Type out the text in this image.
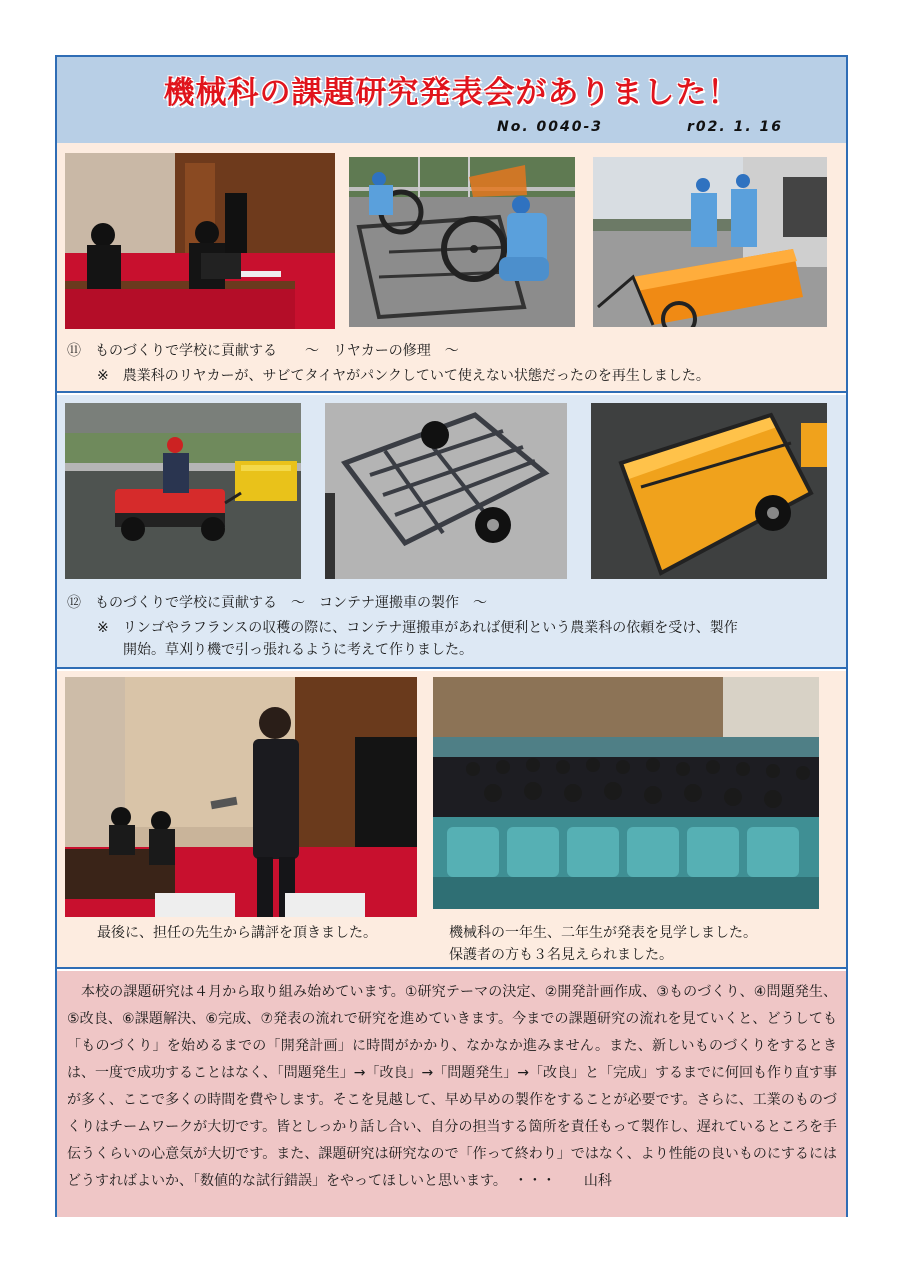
機械科の課題研究発表会がありました！
No. 0040-3	r02. 1. 16
⑪　ものづくりで学校に貢献する　　～　リヤカーの修理　～
※　農業科のリヤカーが、サビてタイヤがパンクしていて使えない状態だったのを再生しました。
⑫　ものづくりで学校に貢献する　～　コンテナ運搬車の製作　～
※　リンゴやラフランスの収穫の際に、コンテナ運搬車があれば便利という農業科の依頼を受け、製作
開始。草刈り機で引っ張れるように考えて作りました。
最後に、担任の先生から講評を頂きました。	機械科の一年生、二年生が発表を見学しました。
保護者の方も３名見えられました。
本校の課題研究は４月から取り組み始めています。①研究テーマの決定、②開発計画作成、③ものづくり、④問題発生、⑤改良、⑥課題解決、⑥完成、⑦発表の流れで研究を進めていきます。今までの課題研究の流れを見ていくと、どうしても「ものづくり」を始めるまでの「開発計画」に時間がかかり、なかなか進みません。また、新しいものづくりをするときは、一度で成功することはなく、「問題発生」→「改良」→「問題発生」→「改良」と「完成」するまでに何回も作り直す事が多く、ここで多くの時間を費やします。そこを見越して、早め早めの製作をすることが必要です。さらに、工業のものづくりはチームワークが大切です。皆としっかり話し合い、自分の担当する箇所を責任もって製作し、遅れているところを手伝うくらいの心意気が大切です。また、課題研究は研究なので「作って終わり」ではなく、より性能の良いものにするにはどうすればよいか、「数値的な試行錯誤」をやってほしいと思います。　・・・　　山科
